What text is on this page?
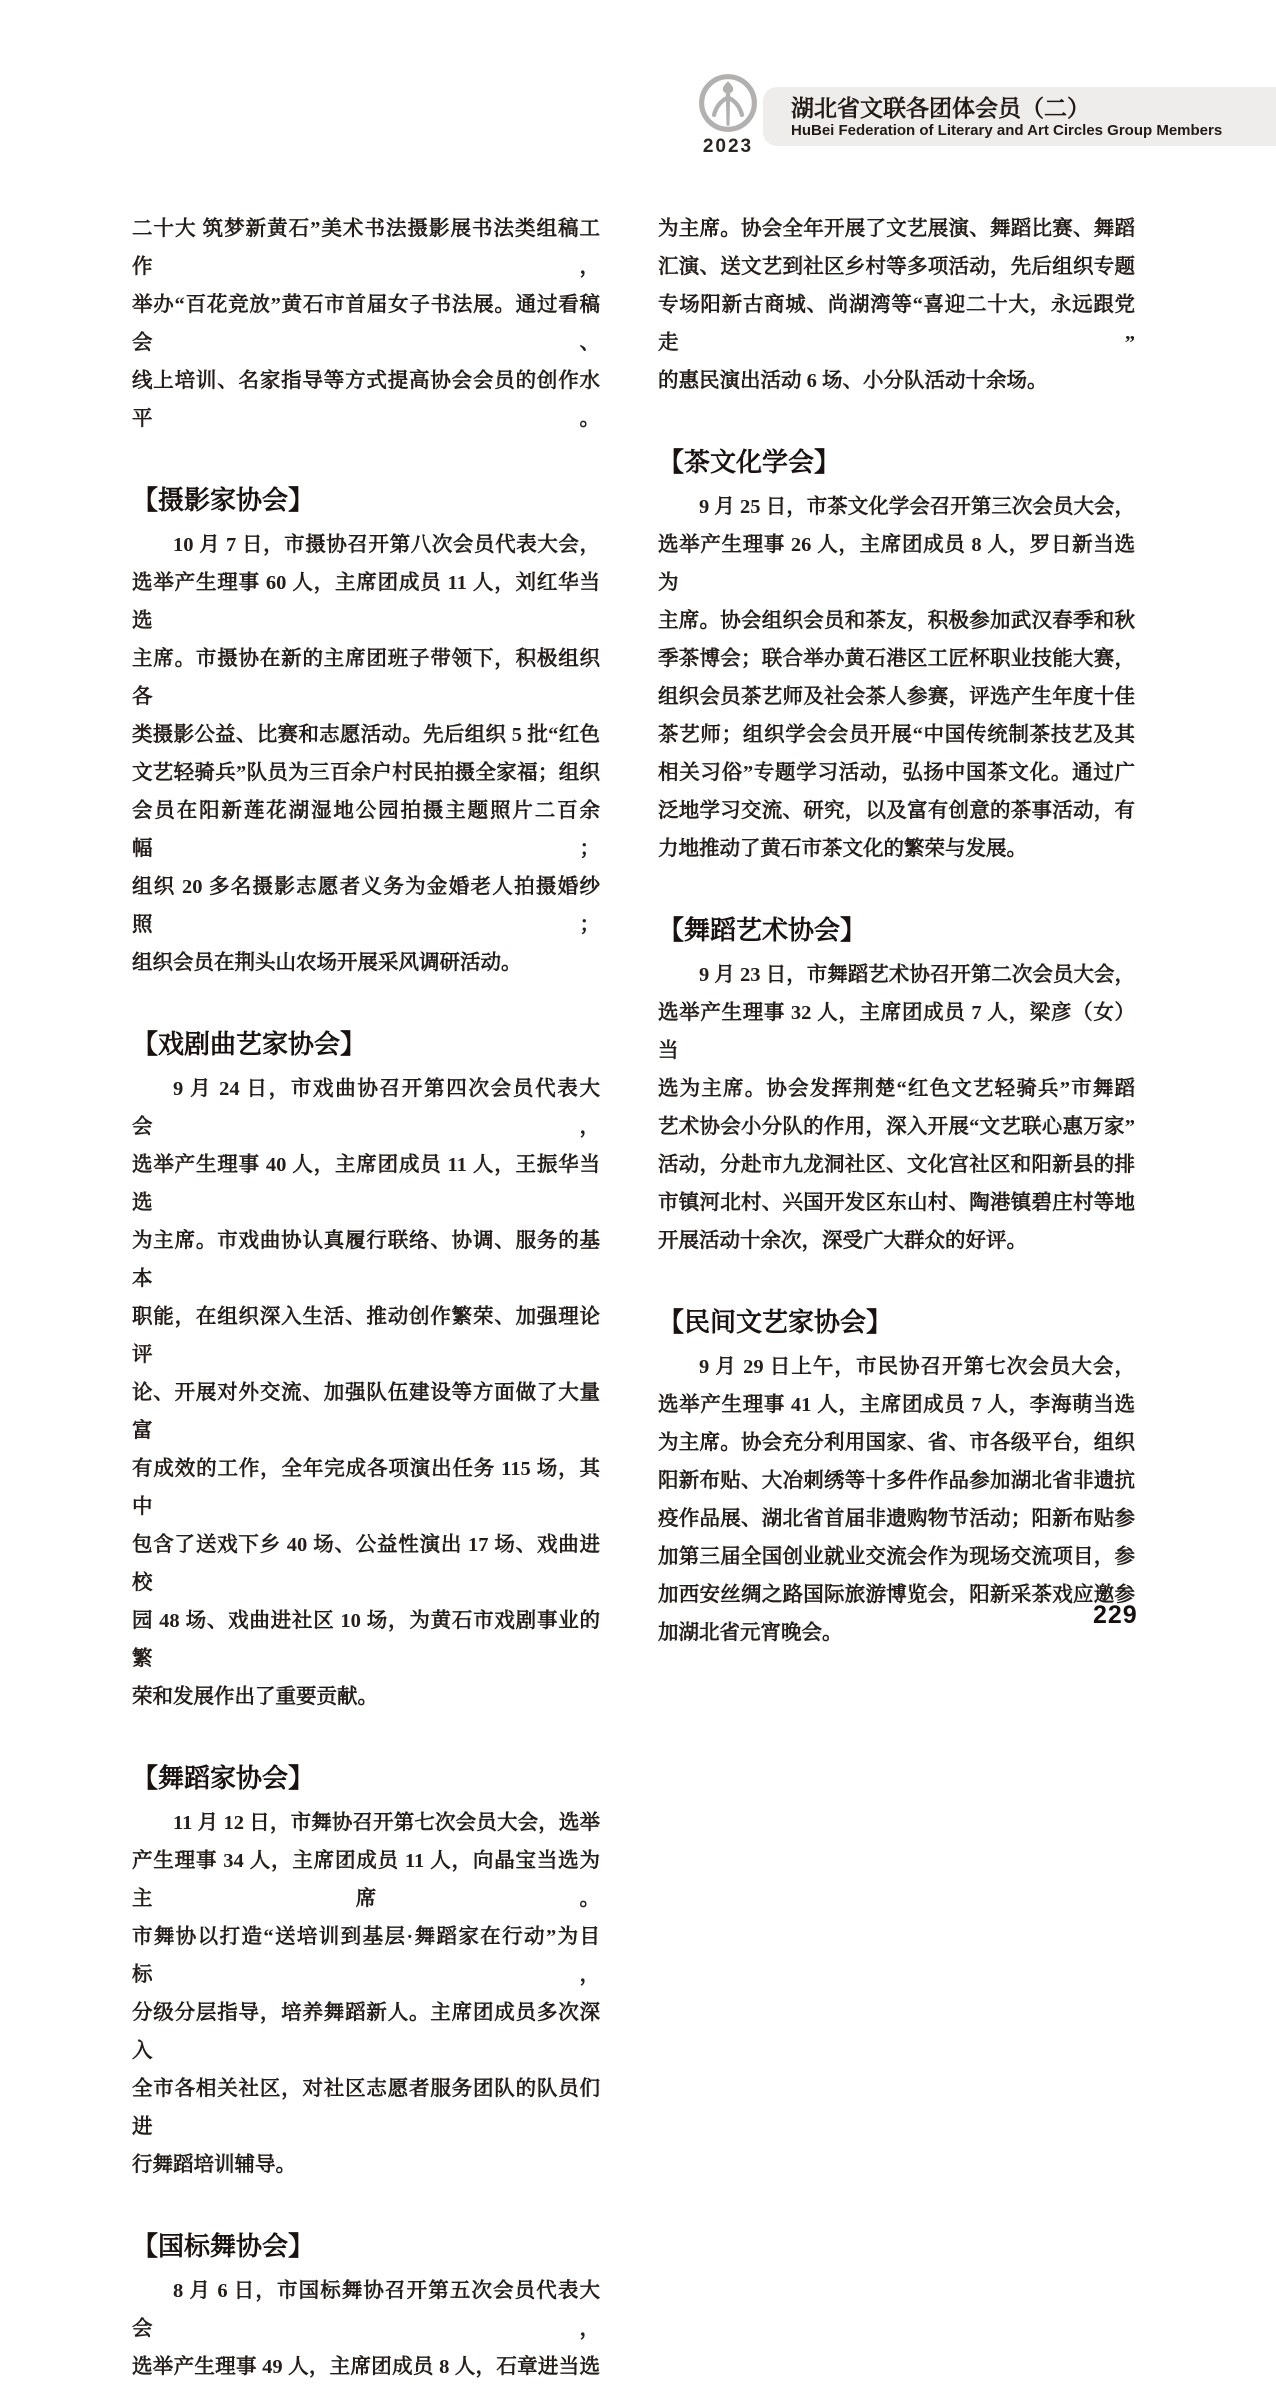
2023
湖北省文联各团体会员（二）
HuBei Federation of Literary and Art Circles Group Members
二十大 筑梦新黄石”美术书法摄影展书法类组稿工作，
举办“百花竞放”黄石市首届女子书法展。通过看稿会、
线上培训、名家指导等方式提高协会会员的创作水平。
【摄影家协会】
10 月 7 日，市摄协召开第八次会员代表大会，
选举产生理事 60 人，主席团成员 11 人，刘红华当选
主席。市摄协在新的主席团班子带领下，积极组织各
类摄影公益、比赛和志愿活动。先后组织 5 批“红色
文艺轻骑兵”队员为三百余户村民拍摄全家福；组织
会员在阳新莲花湖湿地公园拍摄主题照片二百余幅；
组织 20 多名摄影志愿者义务为金婚老人拍摄婚纱照；
组织会员在荆头山农场开展采风调研活动。
【戏剧曲艺家协会】
9 月 24 日，市戏曲协召开第四次会员代表大会，
选举产生理事 40 人，主席团成员 11 人，王振华当选
为主席。市戏曲协认真履行联络、协调、服务的基本
职能，在组织深入生活、推动创作繁荣、加强理论评
论、开展对外交流、加强队伍建设等方面做了大量富
有成效的工作，全年完成各项演出任务 115 场，其中
包含了送戏下乡 40 场、公益性演出 17 场、戏曲进校
园 48 场、戏曲进社区 10 场，为黄石市戏剧事业的繁
荣和发展作出了重要贡献。
【舞蹈家协会】
11 月 12 日，市舞协召开第七次会员大会，选举
产生理事 34 人，主席团成员 11 人，向晶宝当选为主席。
市舞协以打造“送培训到基层·舞蹈家在行动”为目标，
分级分层指导，培养舞蹈新人。主席团成员多次深入
全市各相关社区，对社区志愿者服务团队的队员们进
行舞蹈培训辅导。
【国标舞协会】
8 月 6 日，市国标舞协召开第五次会员代表大会，
选举产生理事 49 人，主席团成员 8 人，石章进当选
为主席。协会全年开展了文艺展演、舞蹈比赛、舞蹈
汇演、送文艺到社区乡村等多项活动，先后组织专题
专场阳新古商城、尚湖湾等“喜迎二十大，永远跟党走”
的惠民演出活动 6 场、小分队活动十余场。
【茶文化学会】
9 月 25 日，市茶文化学会召开第三次会员大会，
选举产生理事 26 人，主席团成员 8 人，罗日新当选为
主席。协会组织会员和茶友，积极参加武汉春季和秋
季茶博会；联合举办黄石港区工匠杯职业技能大赛，
组织会员茶艺师及社会茶人参赛，评选产生年度十佳
茶艺师；组织学会会员开展“中国传统制茶技艺及其
相关习俗”专题学习活动，弘扬中国茶文化。通过广
泛地学习交流、研究，以及富有创意的茶事活动，有
力地推动了黄石市茶文化的繁荣与发展。
【舞蹈艺术协会】
9 月 23 日，市舞蹈艺术协召开第二次会员大会，
选举产生理事 32 人，主席团成员 7 人，梁彦（女）当
选为主席。协会发挥荆楚“红色文艺轻骑兵”市舞蹈
艺术协会小分队的作用，深入开展“文艺联心惠万家”
活动，分赴市九龙洞社区、文化宫社区和阳新县的排
市镇河北村、兴国开发区东山村、陶港镇碧庄村等地
开展活动十余次，深受广大群众的好评。
【民间文艺家协会】
9 月 29 日上午，市民协召开第七次会员大会，
选举产生理事 41 人，主席团成员 7 人，李海萌当选
为主席。协会充分利用国家、省、市各级平台，组织
阳新布贴、大冶刺绣等十多件作品参加湖北省非遗抗
疫作品展、湖北省首届非遗购物节活动；阳新布贴参
加第三届全国创业就业交流会作为现场交流项目，参
加西安丝绸之路国际旅游博览会，阳新采茶戏应邀参
加湖北省元宵晚会。
229
